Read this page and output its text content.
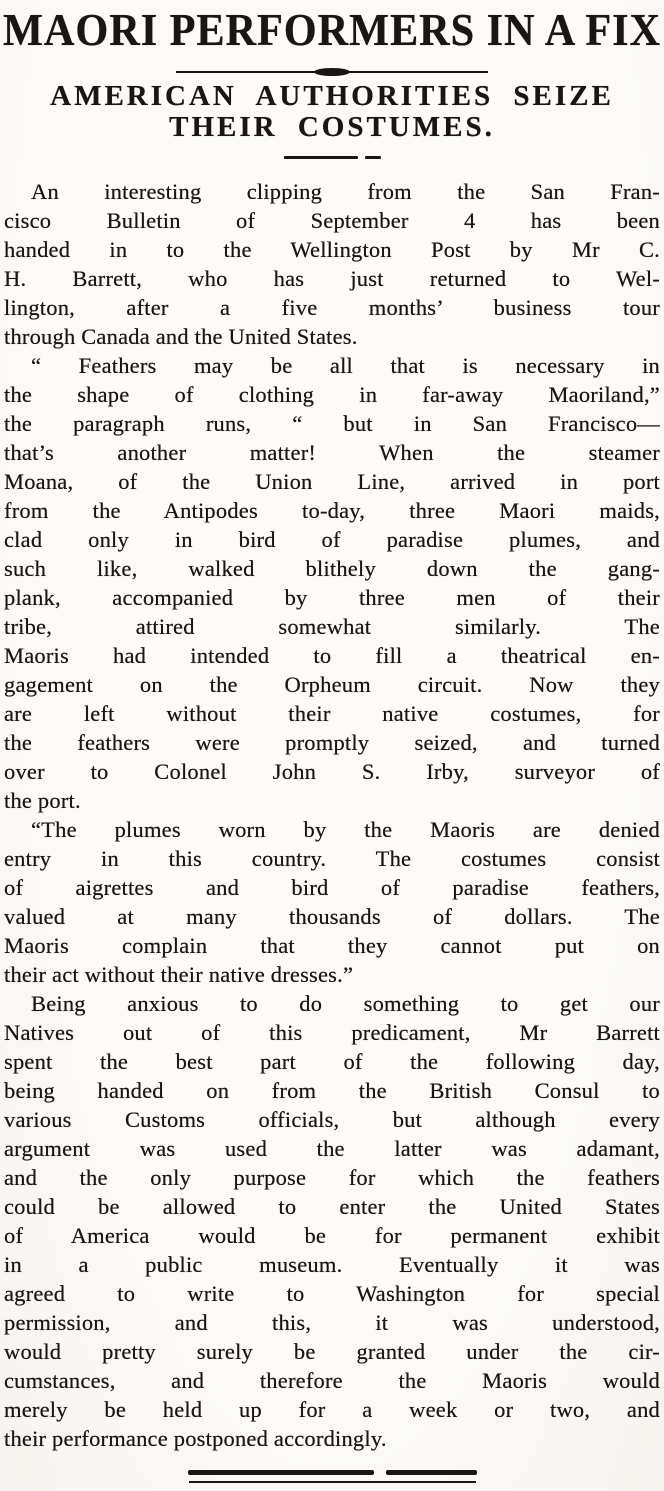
MAORI PERFORMERS IN A FIX
AMERICAN AUTHORITIES SEIZE
THEIR COSTUMES.
An interesting clipping from the San Fran-
cisco Bulletin of September 4 has been
handed in to the Wellington Post by Mr C.
H. Barrett, who has just returned to Wel-
lington, after a five months’ business tour
through Canada and the United States.
“ Feathers may be all that is necessary in
the shape of clothing in far-away Maoriland,”
the paragraph runs, “ but in San Francisco—
that’s another matter! When the steamer
Moana, of the Union Line, arrived in port
from the Antipodes to-day, three Maori maids,
clad only in bird of paradise plumes, and
such like, walked blithely down the gang-
plank, accompanied by three men of their
tribe, attired somewhat similarly. The
Maoris had intended to fill a theatrical en-
gagement on the Orpheum circuit. Now they
are left without their native costumes, for
the feathers were promptly seized, and turned
over to Colonel John S. Irby, surveyor of
the port.
“The plumes worn by the Maoris are denied
entry in this country. The costumes consist
of aigrettes and bird of paradise feathers,
valued at many thousands of dollars. The
Maoris complain that they cannot put on
their act without their native dresses.”
Being anxious to do something to get our
Natives out of this predicament, Mr Barrett
spent the best part of the following day,
being handed on from the British Consul to
various Customs officials, but although every
argument was used the latter was adamant,
and the only purpose for which the feathers
could be allowed to enter the United States
of America would be for permanent exhibit
in a public museum. Eventually it was
agreed to write to Washington for special
permission, and this, it was understood,
would pretty surely be granted under the cir-
cumstances, and therefore the Maoris would
merely be held up for a week or two, and
their performance postponed accordingly.
